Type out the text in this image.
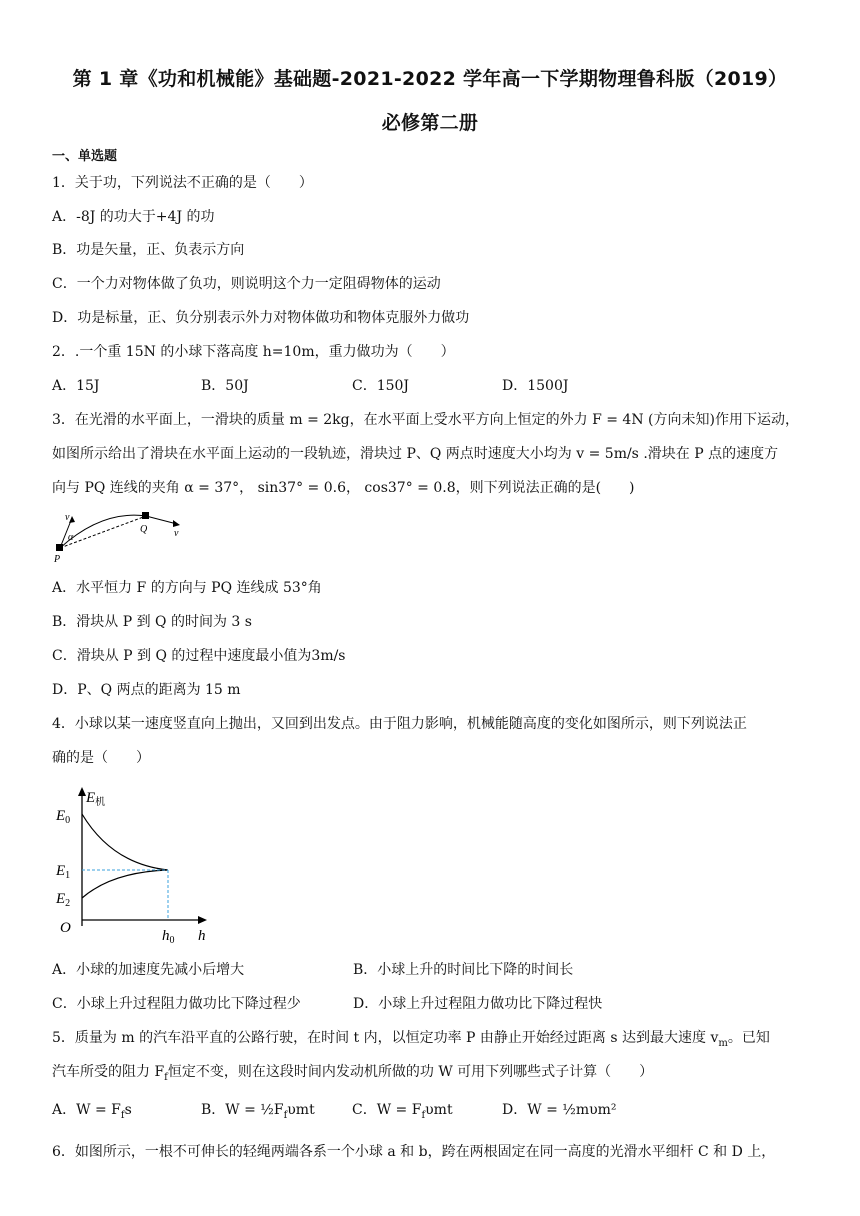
第 1 章《功和机械能》基础题-2021-2022 学年高一下学期物理鲁科版（2019）
必修第二册
一、单选题
1．关于功，下列说法不正确的是（　　）
A．-8J 的功大于+4J 的功
B．功是矢量，正、负表示方向
C．一个力对物体做了负功，则说明这个力一定阻碍物体的运动
D．功是标量，正、负分别表示外力对物体做功和物体克服外力做功
2．.一个重 15N 的小球下落高度 h=10m，重力做功为（　　）
A．15J	B．50J	C．150J	D．1500J
3．在光滑的水平面上，一滑块的质量 m = 2kg，在水平面上受水平方向上恒定的外力 F = 4N (方向未知)作用下运动，
如图所示给出了滑块在水平面上运动的一段轨迹，滑块过 P、Q 两点时速度大小均为 v = 5m/s .滑块在 P 点的速度方
向与 PQ 连线的夹角 α = 37°， sin37° = 0.6， cos37° = 0.8，则下列说法正确的是(　　)
v
α
Q	v
P
A．水平恒力 F 的方向与 PQ 连线成 53°角
B．滑块从 P 到 Q 的时间为 3 s
C．滑块从 P 到 Q 的过程中速度最小值为3m/s
D．P、Q 两点的距离为 15 m
4．小球以某一速度竖直向上抛出，又回到出发点。由于阻力影响，机械能随高度的变化如图所示，则下列说法正
确的是（　　）
$E_机$
$E_0$
$E_1$
$E_2$
O	$h_0$ h
A．小球的加速度先减小后增大	B．小球上升的时间比下降的时间长
C．小球上升过程阻力做功比下降过程少	D．小球上升过程阻力做功比下降过程快
5．质量为 m 的汽车沿平直的公路行驶，在时间 t 内，以恒定功率 P 由静止开始经过距离 s 达到最大速度 $v_m$。已知
汽车所受的阻力 $F_f$恒定不变，则在这段时间内发动机所做的功 W 可用下列哪些式子计算（　　）
A．$W = F_fs$	B．$W = \frac{1}{2}F_f\upsilon mt$	C．$W = F_f\upsilon mt$	D．W = ½mυm²
6．如图所示，一根不可伸长的轻绳两端各系一个小球 a 和 b，跨在两根固定在同一高度的光滑水平细杆 C 和 D 上，
